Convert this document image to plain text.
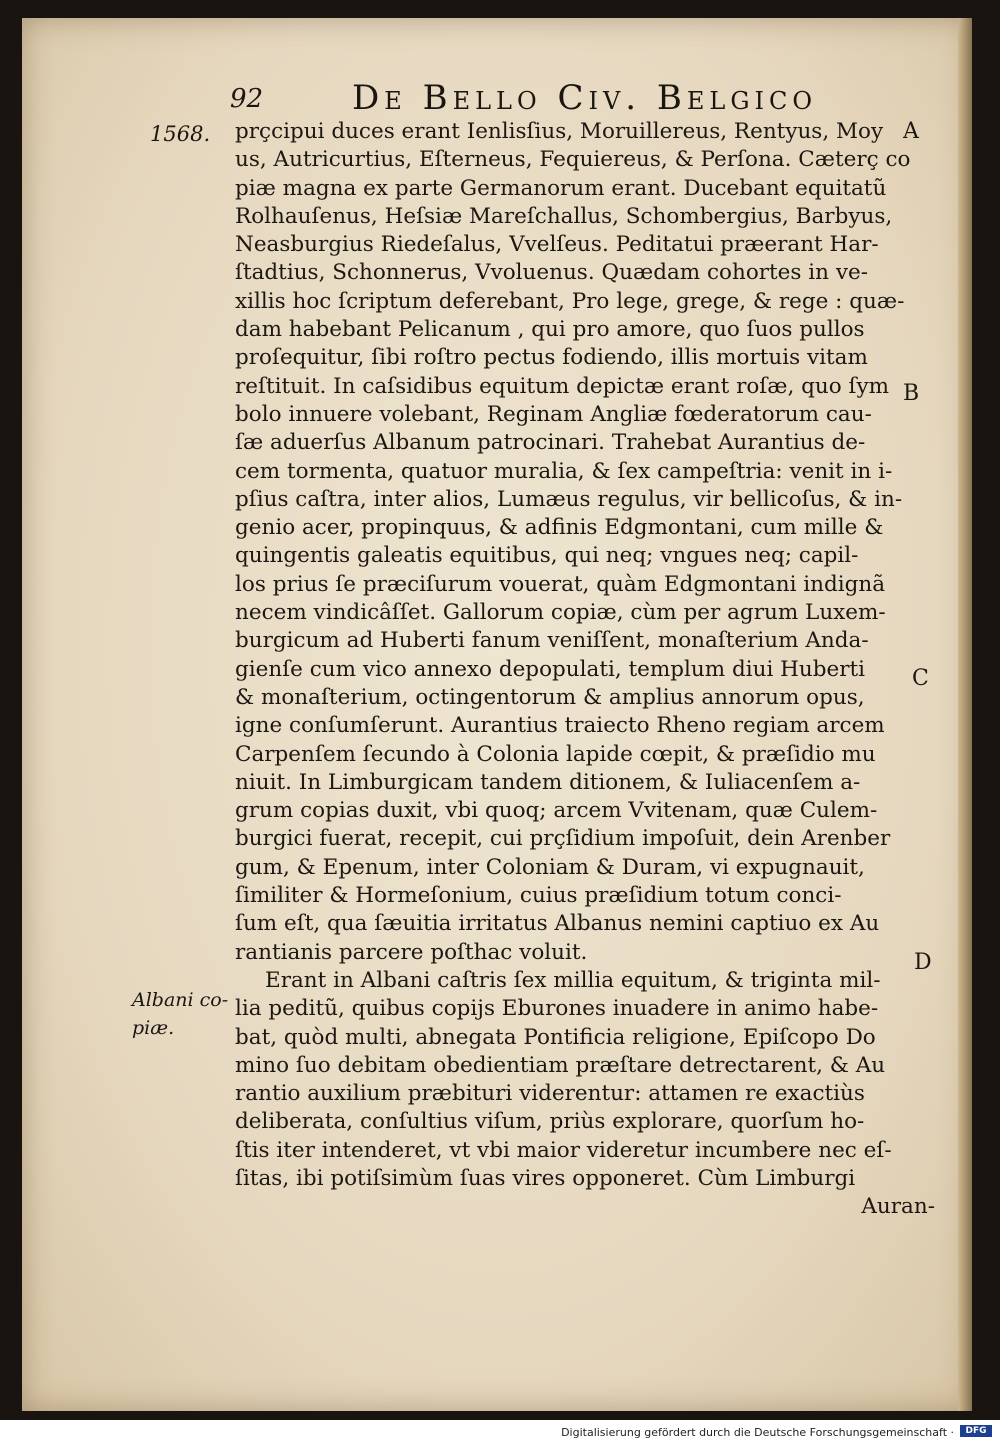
92	De Bello Civ. Belgico
1568.	A
B
C
D
Albani co-
piæ.
prçcipui duces erant Ienlisſius, Moruillereus, Rentyus, Moy
us, Autricurtius, Eſterneus, Fequiereus, & Perſona. Cæterç co
piæ magna ex parte Germanorum erant. Ducebant equitatũ
Rolhauſenus, Heſsiæ Mareſchallus, Schombergius, Barbyus,
Neasburgius Riedeſalus, Vvelſeus. Peditatui præerant Har-
ſtadtius, Schonnerus, Vvoluenus. Quædam cohortes in ve-
xillis hoc ſcriptum deferebant, Pro lege, grege, & rege : quæ-
dam habebant Pelicanum , qui pro amore, quo ſuos pullos
proſequitur, ſibi roſtro pectus fodiendo, illis mortuis vitam
reſtituit. In caſsidibus equitum depictæ erant roſæ, quo ſym
bolo innuere volebant, Reginam Angliæ fœderatorum cau-
ſæ aduerſus Albanum patrocinari. Trahebat Aurantius de-
cem tormenta, quatuor muralia, & ſex campeſtria: venit in i-
pſius caſtra, inter alios, Lumæus regulus, vir bellicoſus, & in-
genio acer, propinquus, & adfinis Edgmontani, cum mille &
quingentis galeatis equitibus, qui neq; vngues neq; capil-
los prius ſe præciſurum vouerat, quàm Edgmontani indignã
necem vindicâſſet. Gallorum copiæ, cùm per agrum Luxem-
burgicum ad Huberti fanum veniſſent, monaſterium Anda-
gienſe cum vico annexo depopulati, templum diui Huberti
& monaſterium, octingentorum & amplius annorum opus,
igne conſumſerunt. Aurantius traiecto Rheno regiam arcem
Carpenſem ſecundo à Colonia lapide cœpit, & præſidio mu
niuit. In Limburgicam tandem ditionem, & Iuliacenſem a-
grum copias duxit, vbi quoq; arcem Vvitenam, quæ Culem-
burgici fuerat, recepit, cui prçſidium impoſuit, dein Arenber
gum, & Epenum, inter Coloniam & Duram, vi expugnauit,
ſimiliter & Hormeſonium, cuius præſidium totum conci-
ſum eſt, qua ſæuitia irritatus Albanus nemini captiuo ex Au
rantianis parcere poſthac voluit.
Erant in Albani caſtris ſex millia equitum, & triginta mil-
lia peditũ, quibus copijs Eburones inuadere in animo habe-
bat, quòd multi, abnegata Pontificia religione, Epiſcopo Do
mino ſuo debitam obedientiam præſtare detrectarent, & Au
rantio auxilium præbituri viderentur: attamen re exactiùs
deliberata, conſultius viſum, priùs explorare, quorſum ho-
ſtis iter intenderet, vt vbi maior videretur incumbere nec eſ-
ſitas, ibi potiſsimùm ſuas vires opponeret. Cùm Limburgi
Auran-
Digitalisierung gefördert durch die Deutsche Forschungsgemeinschaft ·	DFG
